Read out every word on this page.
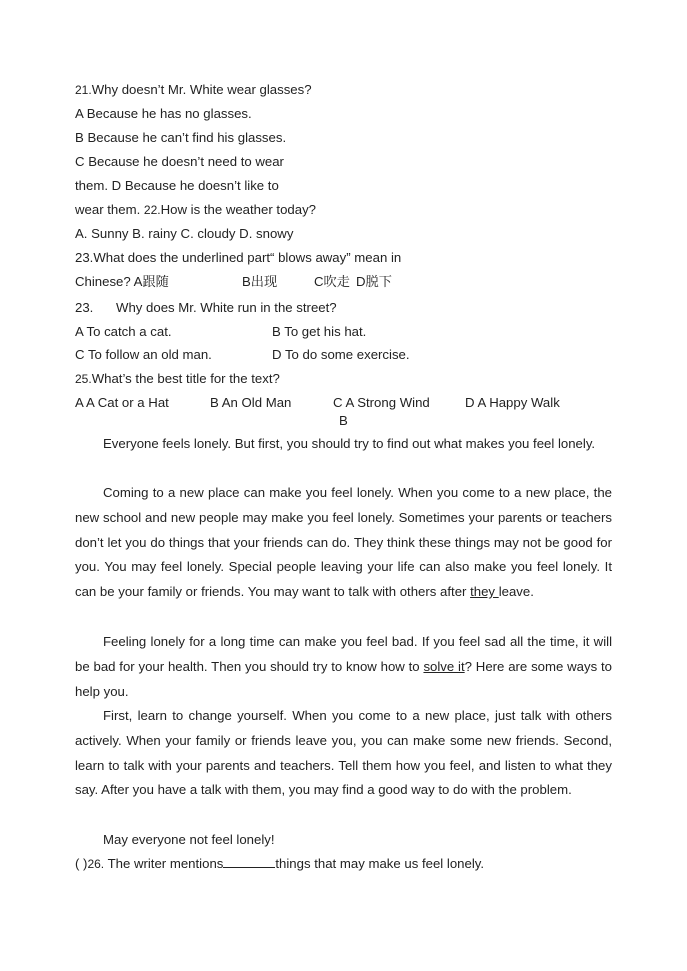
21.Why doesn’t Mr. White wear glasses?
A Because he has no glasses.
B Because he can’t find his glasses.
C Because he doesn’t need to wear
them. D Because he doesn’t like to
wear them. 22.How is the weather today?
A. Sunny B. rainy C. cloudy D. snowy
23.What does the underlined part“ blows away” mean in
Chinese? A跟随	B出现	C吹走 D脱下
23. Why does Mr. White run in the street?
A To catch a cat.	B To get his hat.
C To follow an old man.	D To do some exercise.
25.What’s the best title for the text?
A A Cat or a Hat	B An Old Man	C A Strong Wind	D A Happy Walk
B
Everyone feels lonely. But first, you should try to find out what makes you feel lonely.
Coming to a new place can make you feel lonely. When you come to a new place, the new school and new people may make you feel lonely. Sometimes your parents or teachers don’t let you do things that your friends can do. They think these things may not be good for you. You may feel lonely. Special people leaving your life can also make you feel lonely. It can be your family or friends. You may want to talk with others after they leave.
Feeling lonely for a long time can make you feel bad. If you feel sad all the time, it will be bad for your health. Then you should try to know how to solve it? Here are some ways to help you.
First, learn to change yourself. When you come to a new place, just talk with others actively. When your family or friends leave you, you can make some new friends. Second, learn to talk with your parents and teachers. Tell them how you feel, and listen to what they say. After you have a talk with them, you may find a good way to do with the problem.
May everyone not feel lonely!
( )26. The writer mentions	things that may make us feel lonely.
